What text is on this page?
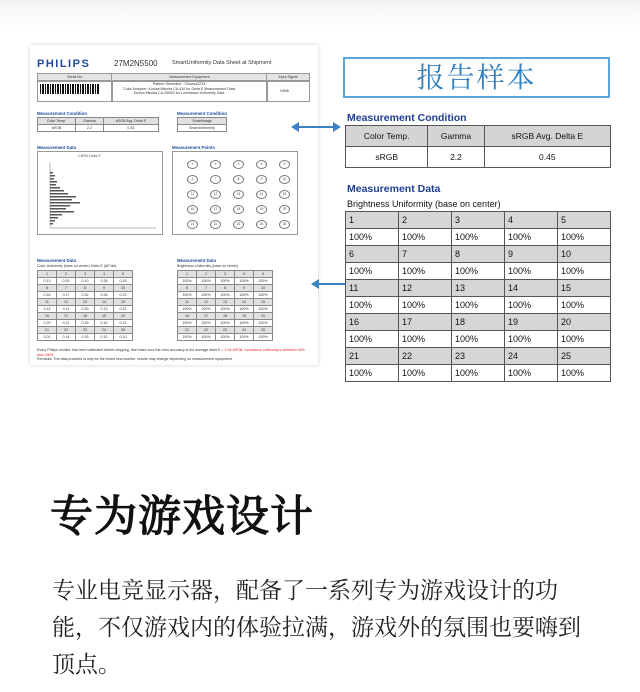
PHILIPS	27M2N5500	SmartUniformity Data Sheet at Shipment
Serial No.	Measurement Equipment	Input Signal
Pattern Generator : Chroma2233
Color Analyzer: Konica Minolta CA-410 for Delta E Measurement Data
Konica Minolta CA-2500S for Luminance Uniformity Data
HDMI
Measurement Condition
Color Temp.	Gamma	sRGB Avg. Delta E
sRGB	2.2	0.45
Measurement Condition
SmartImage
SmartUniformity
Measurement Data
CIE94 Delta E
Measurement Points
1	2	3	4	5
6	7	8	9	10
11	12	13	14	15
16	17	18	19	20
21	22	23	24	25
Measurement Data
Color Uniformity (base on center) Delta E (ΔE*ab)
1	2	3	4	5
0.13	0.20	0.10	0.26	0.19
6	7	8	9	10
0.16	0.17	0.32	0.26	0.23
11	12	13	14	15
0.12	0.11	0.30	0.13	0.21
16	17	18	19	20
0.20	0.21	0.16	0.16	0.21
21	22	23	24	25
0.01	0.14	0.33	0.10	0.10
Measurement Data
Brightness Uniformity (base on center)
1	2	3	4	5
100%	100%	100%	100%	100%
6	7	8	9	10
100%	100%	100%	100%	100%
11	12	13	14	15
100%	100%	100%	100%	100%
16	17	18	19	20
100%	100%	100%	100%	100%
21	22	23	24	25
100%	100%	100%	100%	100%
Every Philips monitor has been calibrated before shipping, that make sure the color accuracy is the average delta E < 2 for sRGB. Luminance uniformity is between 94% and 106%.
Remarks: The data provided is only for the brand new monitor, results may change depending on measurement equipment.
报告样本
Measurement Condition
Color Temp.	Gamma	sRGB Avg. Delta E
sRGB	2.2	0.45
Measurement Data
Brightness Uniformity (base on center)
1	2	3	4	5
100%	100%	100%	100%	100%
6	7	8	9	10
100%	100%	100%	100%	100%
11	12	13	14	15
100%	100%	100%	100%	100%
16	17	18	19	20
100%	100%	100%	100%	100%
21	22	23	24	25
100%	100%	100%	100%	100%
专为游戏设计
专业电竞显示器，配备了一系列专为游戏设计的功能，不仅游戏内的体验拉满，游戏外的氛围也要嗨到顶点。
